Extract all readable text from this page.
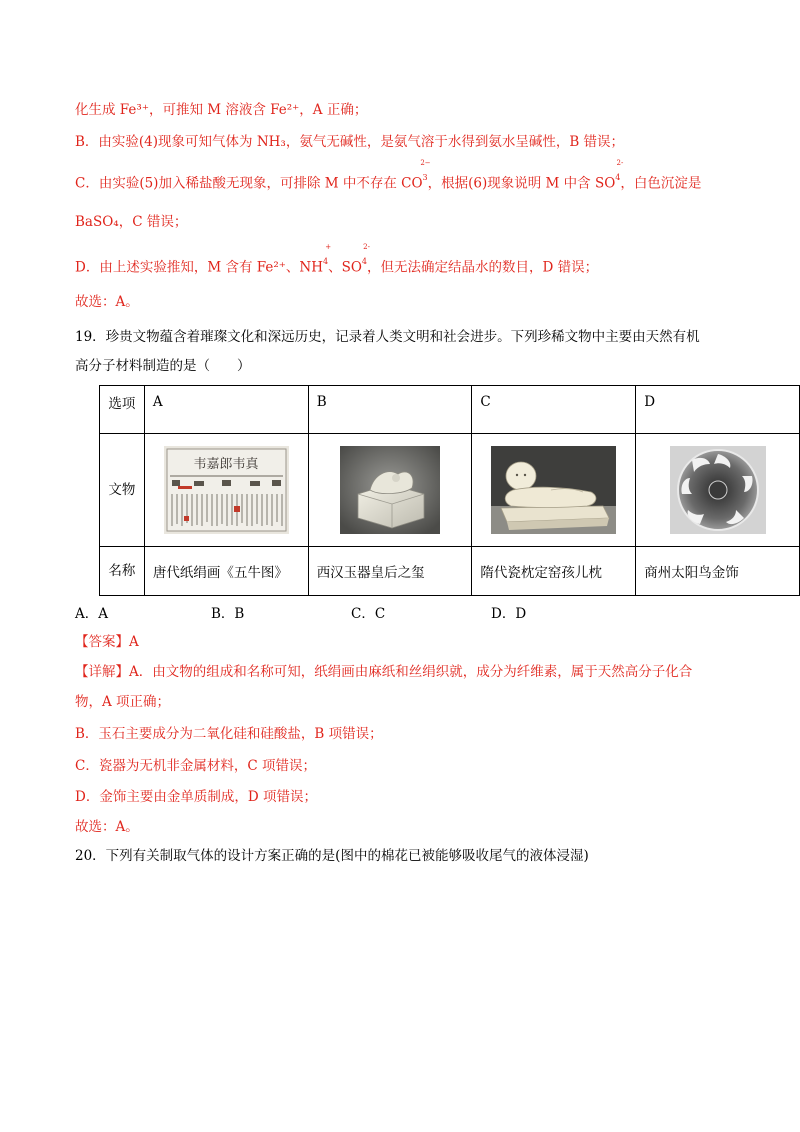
化生成 Fe³⁺，可推知 M 溶液含 Fe²⁺，A 正确；
B．由实验(4)现象可知气体为 NH₃，氨气无碱性，是氨气溶于水得到氨水呈碱性，B 错误；
C．由实验(5)加入稀盐酸无现象，可排除 M 中不存在 $CO^3$
2−
，根据(6)现象说明 M 中含 $SO^4$
2-
，白色沉淀是
BaSO₄，C 错误；
D．由上述实验推知，M 含有 Fe²⁺、$NH^4$
+
、$SO^4$
2-
，但无法确定结晶水的数目，D 错误；
故选：A。
19．珍贵文物蕴含着璀璨文化和深远历史，记录着人类文明和社会进步。下列珍稀文物中主要由天然有机
高分子材料制造的是（　　）
选项	A	B	C	D
文物	韦嘉郎韦真

名称	唐代纸绢画《五牛图》	西汉玉器皇后之玺	隋代瓷枕定窑孩儿枕	商州太阳鸟金饰
A．A	B．B	C．C	D．D
【答案】A
【详解】A．由文物的组成和名称可知，纸绢画由麻纸和丝绢织就，成分为纤维素，属于天然高分子化合
物，A 项正确；
B．玉石主要成分为二氧化硅和硅酸盐，B 项错误；
C．瓷器为无机非金属材料，C 项错误；
D．金饰主要由金单质制成，D 项错误；
故选：A。
20．下列有关制取气体的设计方案正确的是(图中的棉花已被能够吸收尾气的液体浸湿)
